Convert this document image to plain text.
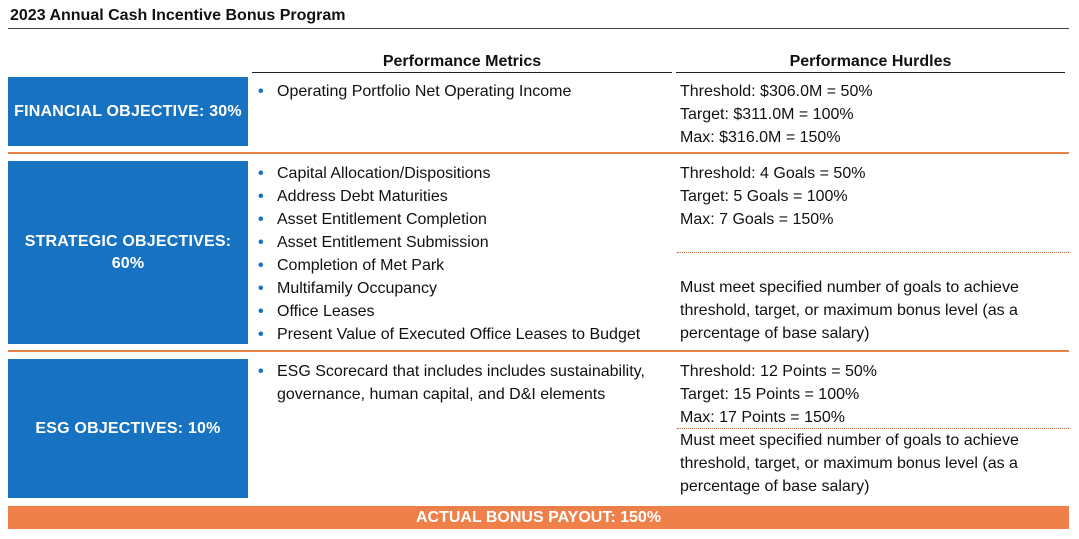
2023 Annual Cash Incentive Bonus Program
Performance Metrics	Performance Hurdles
FINANCIAL OBJECTIVE: 30%
• Operating Portfolio Net Operating Income	Threshold: $306.0M = 50%
Target: $311.0M = 100%
Max: $316.0M = 150%
STRATEGIC OBJECTIVES:
60%
• Capital Allocation/Dispositions
• Address Debt Maturities
• Asset Entitlement Completion
• Asset Entitlement Submission
• Completion of Met Park
• Multifamily Occupancy
• Office Leases
• Present Value of Executed Office Leases to Budget
Threshold: 4 Goals = 50%
Target: 5 Goals = 100%
Max: 7 Goals = 150%
Must meet specified number of goals to achieve threshold, target, or maximum bonus level (as a percentage of base salary)
ESG OBJECTIVES: 10%
• ESG Scorecard that includes includes sustainability, governance, human capital, and D&I elements
Threshold: 12 Points = 50%
Target: 15 Points = 100%
Max: 17 Points = 150%
Must meet specified number of goals to achieve threshold, target, or maximum bonus level (as a percentage of base salary)
ACTUAL BONUS PAYOUT: 150%
